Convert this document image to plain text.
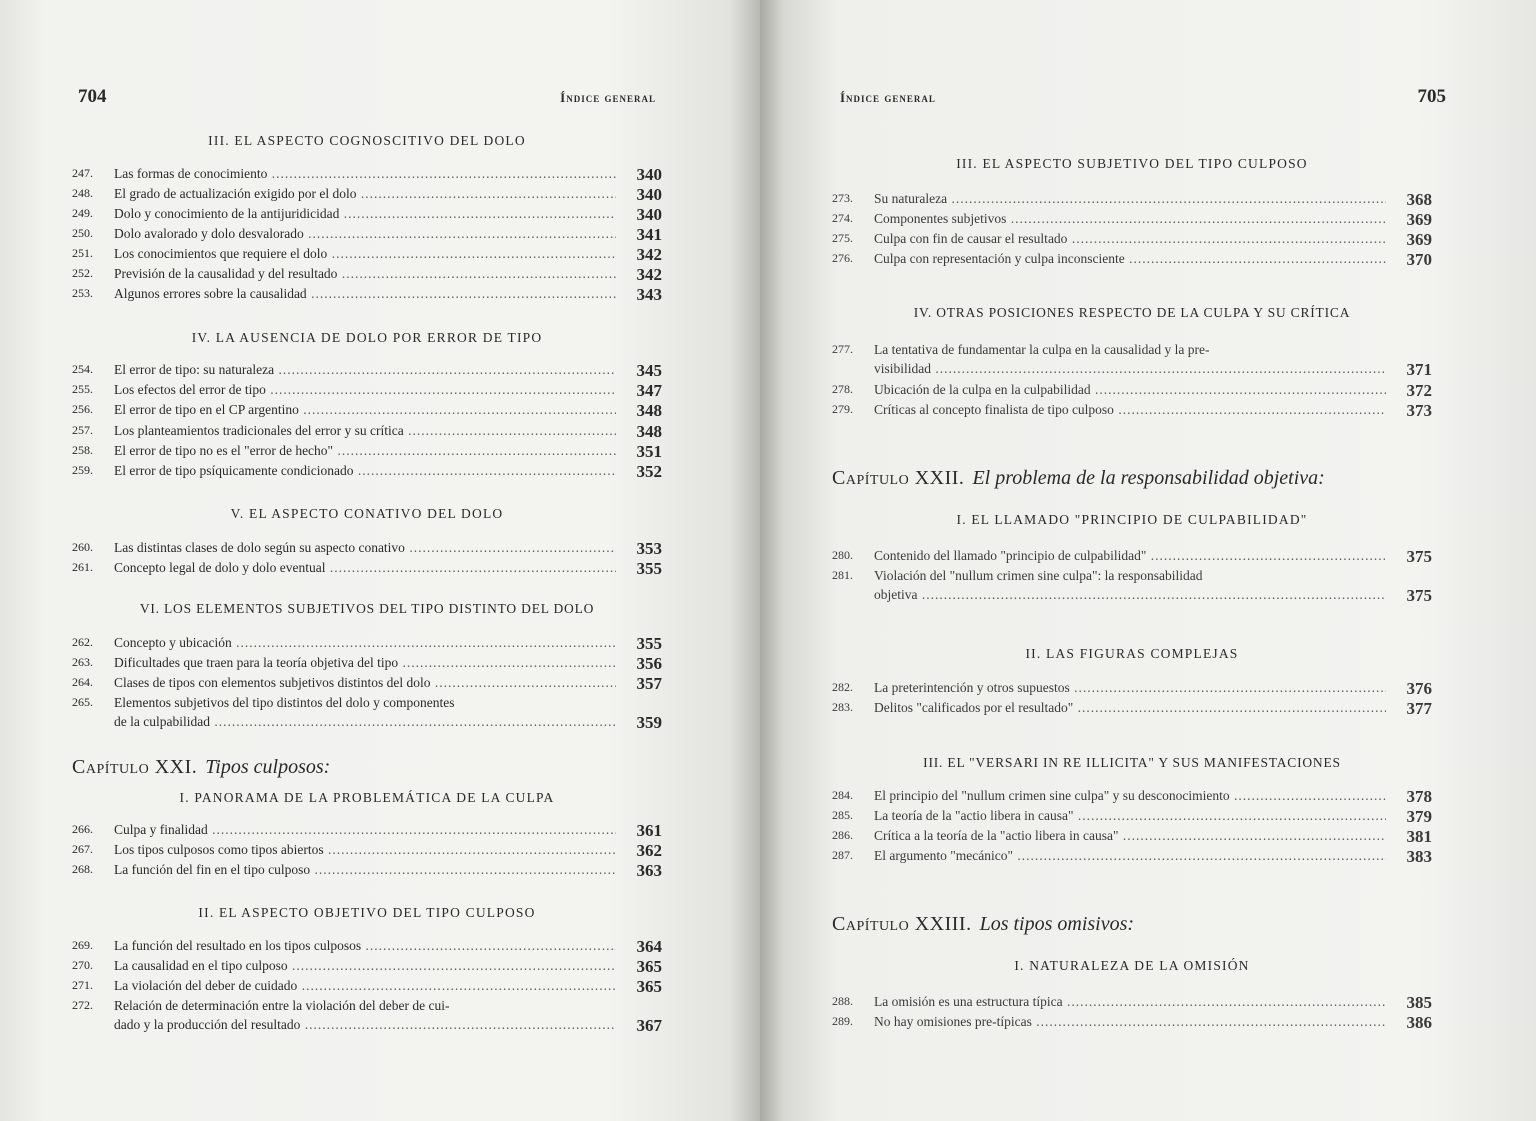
704	Índice general
III. EL ASPECTO COGNOSCITIVO DEL DOLO
247.	Las formas de conocimiento .....	340
248.	El grado de actualización exigido por el dolo .....	340
249.	Dolo y conocimiento de la antijuridicidad .....	340
250.	Dolo avalorado y dolo desvalorado .....	341
251.	Los conocimientos que requiere el dolo .....	342
252.	Previsión de la causalidad y del resultado .....	342
253.	Algunos errores sobre la causalidad .....	343
IV. LA AUSENCIA DE DOLO POR ERROR DE TIPO
254.	El error de tipo: su naturaleza .....	345
255.	Los efectos del error de tipo .....	347
256.	El error de tipo en el CP argentino .....	348
257.	Los planteamientos tradicionales del error y su crítica .....	348
258.	El error de tipo no es el "error de hecho" .....	351
259.	El error de tipo psíquicamente condicionado .....	352
V. EL ASPECTO CONATIVO DEL DOLO
260.	Las distintas clases de dolo según su aspecto conativo .....	353
261.	Concepto legal de dolo y dolo eventual .....	355
VI. LOS ELEMENTOS SUBJETIVOS DEL TIPO DISTINTO DEL DOLO
262.	Concepto y ubicación .....	355
263.	Dificultades que traen para la teoría objetiva del tipo .....	356
264.	Clases de tipos con elementos subjetivos distintos del dolo .....	357
265.	Elementos subjetivos del tipo distintos del dolo y componentes
de la culpabilidad .....	359
Capítulo XXI. Tipos culposos:
I. PANORAMA DE LA PROBLEMÁTICA DE LA CULPA
266.	Culpa y finalidad .....	361
267.	Los tipos culposos como tipos abiertos .....	362
268.	La función del fin en el tipo culposo .....	363
II. EL ASPECTO OBJETIVO DEL TIPO CULPOSO
269.	La función del resultado en los tipos culposos .....	364
270.	La causalidad en el tipo culposo .....	365
271.	La violación del deber de cuidado .....	365
272.	Relación de determinación entre la violación del deber de cui-
dado y la producción del resultado .....	367
Índice general	705
III. EL ASPECTO SUBJETIVO DEL TIPO CULPOSO
273.	Su naturaleza .....	368
274.	Componentes subjetivos .....	369
275.	Culpa con fin de causar el resultado .....	369
276.	Culpa con representación y culpa inconsciente .....	370
IV. OTRAS POSICIONES RESPECTO DE LA CULPA Y SU CRÍTICA
277.	La tentativa de fundamentar la culpa en la causalidad y la pre-
visibilidad .....	371
278.	Ubicación de la culpa en la culpabilidad .....	372
279.	Críticas al concepto finalista de tipo culposo .....	373
Capítulo XXII. El problema de la responsabilidad objetiva:
I. EL LLAMADO "PRINCIPIO DE CULPABILIDAD"
280.	Contenido del llamado "principio de culpabilidad" .....	375
281.	Violación del "nullum crimen sine culpa": la responsabilidad
objetiva .....	375
II. LAS FIGURAS COMPLEJAS
282.	La preterintención y otros supuestos .....	376
283.	Delitos "calificados por el resultado" .....	377
III. EL "VERSARI IN RE ILLICITA" Y SUS MANIFESTACIONES
284.	El principio del "nullum crimen sine culpa" y su desconocimiento .....	378
285.	La teoría de la "actio libera in causa" .....	379
286.	Crítica a la teoría de la "actio libera in causa" .....	381
287.	El argumento "mecánico" .....	383
Capítulo XXIII. Los tipos omisivos:
I. NATURALEZA DE LA OMISIÓN
288.	La omisión es una estructura típica .....	385
289.	No hay omisiones pre-típicas .....	386
